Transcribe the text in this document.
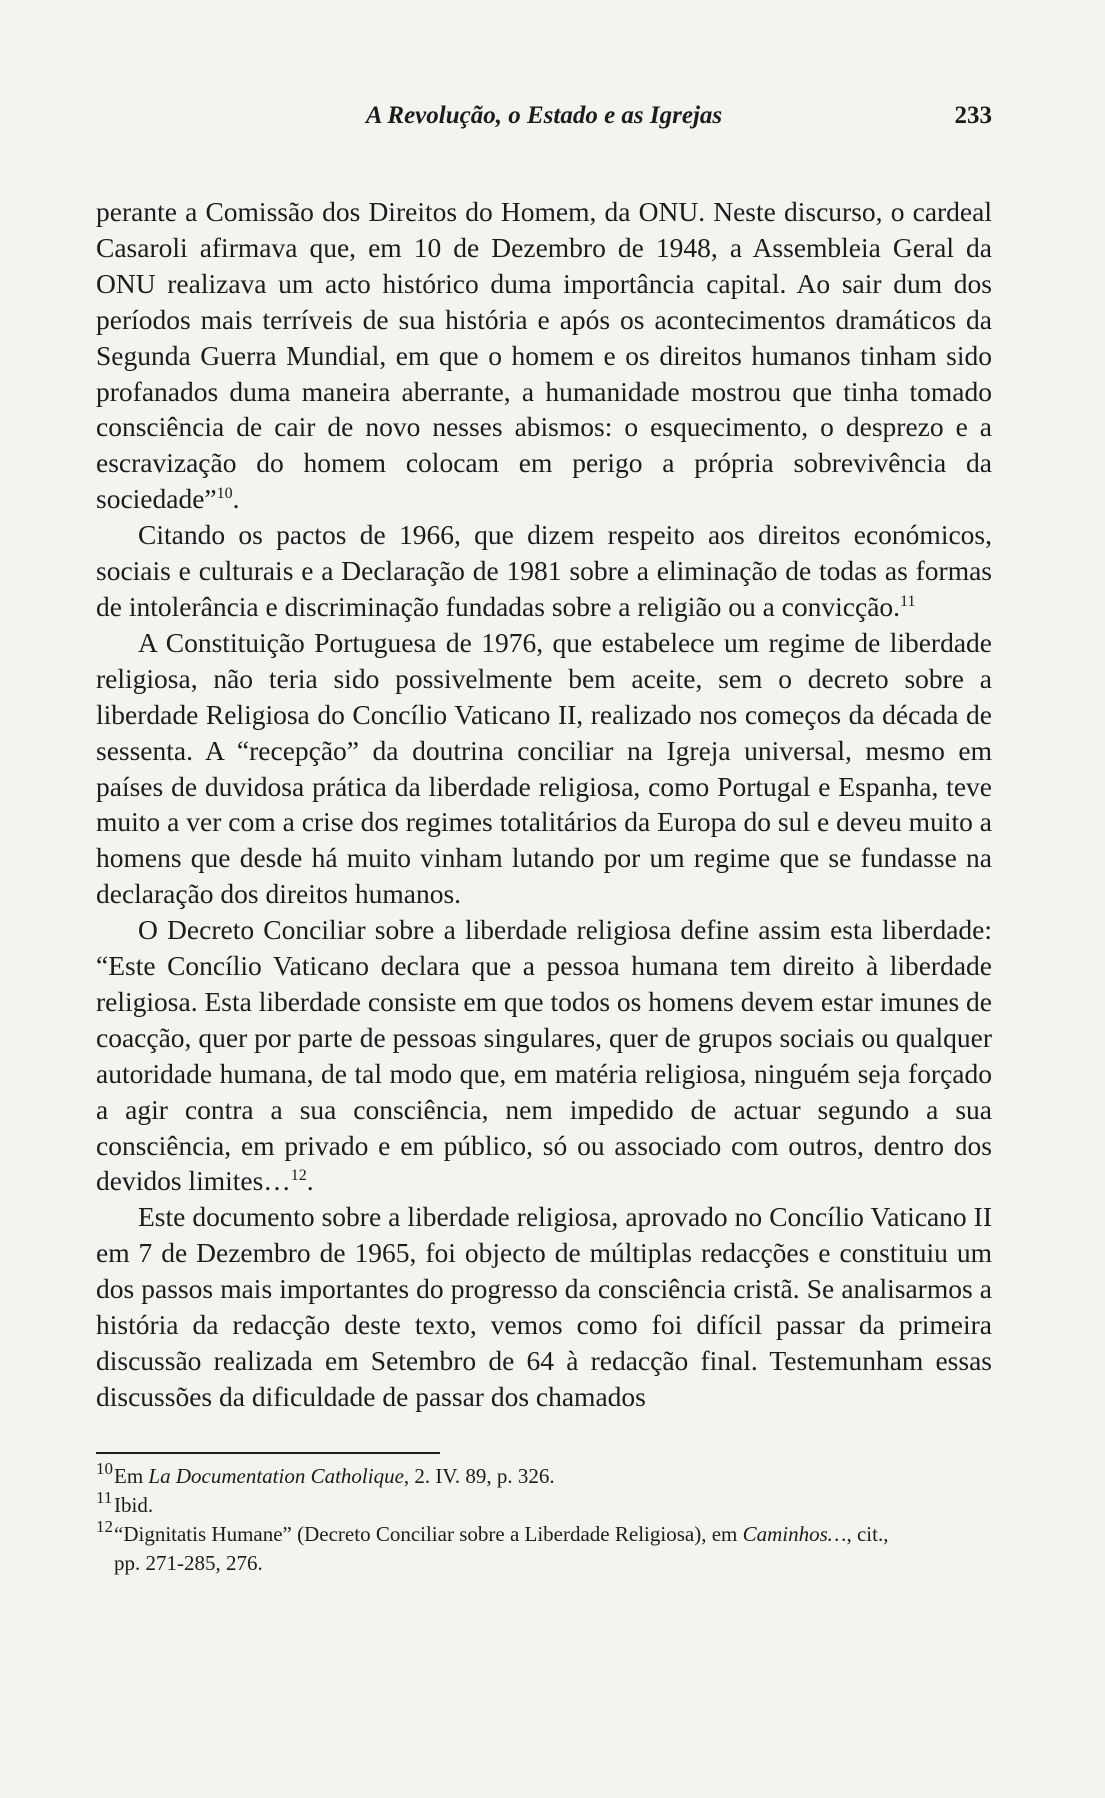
A Revolução, o Estado e as Igrejas	233

perante a Comissão dos Direitos do Homem, da ONU. Neste discurso, o cardeal Casaroli afirmava que, em 10 de Dezembro de 1948, a Assembleia Geral da ONU realizava um acto histórico duma importância capital. Ao sair dum dos períodos mais terríveis de sua história e após os acontecimentos dramáticos da Segunda Guerra Mundial, em que o homem e os direitos humanos tinham sido profanados duma maneira aberrante, a humanidade mostrou que tinha tomado consciência de cair de novo nesses abismos: o esquecimento, o desprezo e a escravização do homem colocam em perigo a própria sobrevivência da sociedade”$^{10}$.

Citando os pactos de 1966, que dizem respeito aos direitos económicos, sociais e culturais e a Declaração de 1981 sobre a eliminação de todas as formas de intolerância e discriminação fundadas sobre a religião ou a convicção.$^{11}$

A Constituição Portuguesa de 1976, que estabelece um regime de liberdade religiosa, não teria sido possivelmente bem aceite, sem o decreto sobre a liberdade Religiosa do Concílio Vaticano II, realizado nos começos da década de sessenta. A “recepção” da doutrina conciliar na Igreja universal, mesmo em países de duvidosa prática da liberdade religiosa, como Portugal e Espanha, teve muito a ver com a crise dos regimes totalitários da Europa do sul e deveu muito a homens que desde há muito vinham lutando por um regime que se fundasse na declaração dos direitos humanos.

O Decreto Conciliar sobre a liberdade religiosa define assim esta liberdade: “Este Concílio Vaticano declara que a pessoa humana tem direito à liberdade religiosa. Esta liberdade consiste em que todos os homens devem estar imunes de coacção, quer por parte de pessoas singulares, quer de grupos sociais ou qualquer autoridade humana, de tal modo que, em matéria religiosa, ninguém seja forçado a agir contra a sua consciência, nem impedido de actuar segundo a sua consciência, em privado e em público, só ou associado com outros, dentro dos devidos limites…$^{12}$.

Este documento sobre a liberdade religiosa, aprovado no Concílio Vaticano II em 7 de Dezembro de 1965, foi objecto de múltiplas redacções e constituiu um dos passos mais importantes do progresso da consciência cristã. Se analisarmos a história da redacção deste texto, vemos como foi difícil passar da primeira discussão realizada em Setembro de 64 à redacção final. Testemunham essas discussões da dificuldade de passar dos chamados

10 Em La Documentation Catholique, 2. IV. 89, p. 326.
11 Ibid.
12 “Dignitatis Humane” (Decreto Conciliar sobre a Liberdade Religiosa), em Caminhos…, cit.,
pp. 271-285, 276.
